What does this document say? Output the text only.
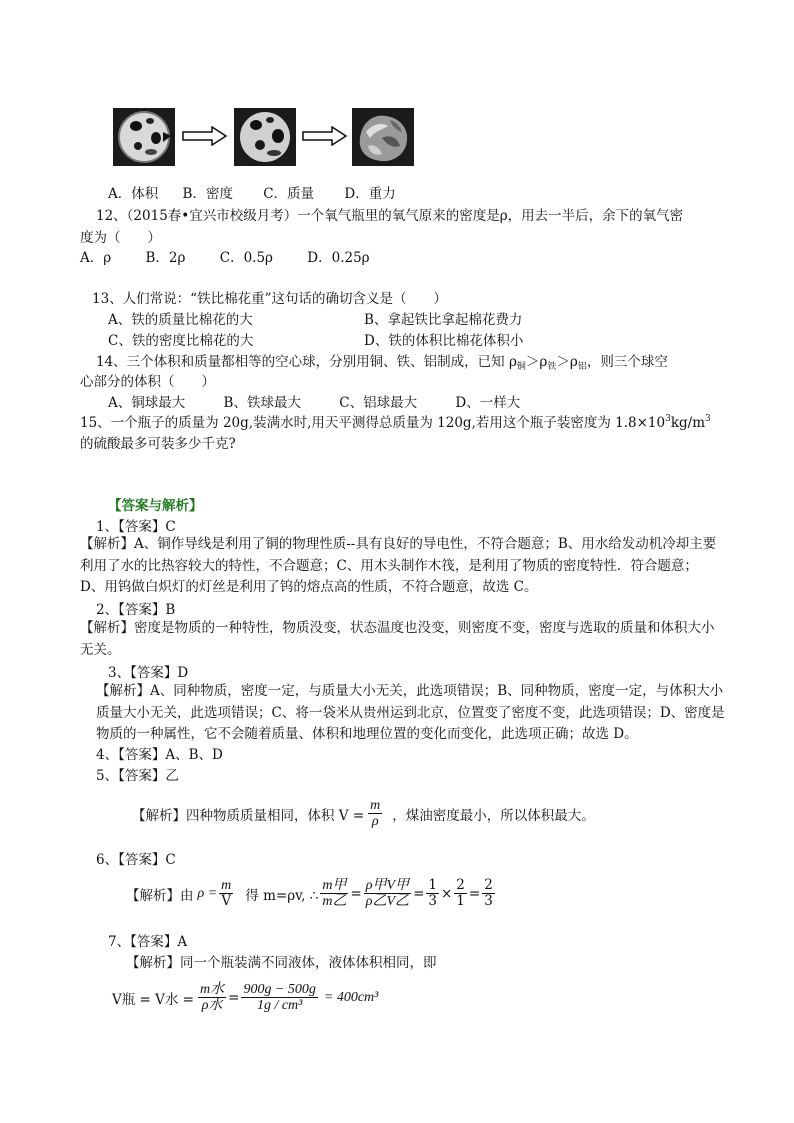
A．体积 B．密度 C．质量 D．重力
12、（2015春•宜兴市校级月考）一个氧气瓶里的氧气原来的密度是ρ，用去一半后，余下的氧气密
度为（　　）
A．ρ	B．2ρ	C．0.5ρ	D．0.25ρ
13、人们常说：“铁比棉花重”这句话的确切含义是（　　）
A、铁的质量比棉花的大	B、拿起铁比拿起棉花费力
C、铁的密度比棉花的大	D、铁的体积比棉花体积小
14、三个体积和质量都相等的空心球，分别用铜、铁、铝制成，已知 $\rho_铜>\rho_铁>\rho_铝$，则三个球空
心部分的体积（　　）
A、铜球最大	B、铁球最大	C、铝球最大	D、一样大
15、一个瓶子的质量为 20g,装满水时,用天平测得总质量为 120g,若用这个瓶子装密度为 $1.8\times 10^3kg/m^3$
的硫酸最多可装多少千克?
【答案与解析】
1、【答案】C
【解析】A、铜作导线是利用了铜的物理性质--具有良好的导电性，不符合题意；B、用水给发动机冷却主要利用了水的比热容较大的特性，不合题意；C、用木头制作木筏，是利用了物质的密度特性．符合题意；D、用钨做白炽灯的灯丝是利用了钨的熔点高的性质，不符合题意，故选 C。
2、【答案】B
【解析】密度是物质的一种特性，物质没变，状态温度也没变，则密度不变，密度与选取的质量和体积大小无关。
3、【答案】D
【解析】A、同种物质，密度一定，与质量大小无关，此选项错误；B、同种物质，密度一定，与体积大小质量大小无关，此选项错误；C、将一袋米从贵州运到北京，位置变了密度不变，此选项错误；D、密度是物质的一种属性，它不会随着质量、体积和地理位置的变化而变化，此选项正确；故选 D。
4、【答案】A、B、D
5、【答案】乙
【解析】四种物质质量相同，体积 $V = \frac{m}{\rho}$ ，煤油密度最小，所以体积最大。
6、【答案】C
【解析】由 $\rho = \frac{m}{V}$ 得 m=ρv, ∴ $\frac{\text{m甲}}{\text{m乙}} = \frac{\text{ρ甲V甲}}{\text{ρ乙V乙}} = \frac{1}{3} \times \frac{2}{1} = \frac{2}{3}$
7、【答案】A
【解析】同一个瓶装满不同液体，液体体积相同，即
V瓶 = V水 = $\frac{\text{m水}}{\text{ρ水}} = \frac{900g - 500g}{\text{1g / cm³}} = 400cm^3$
